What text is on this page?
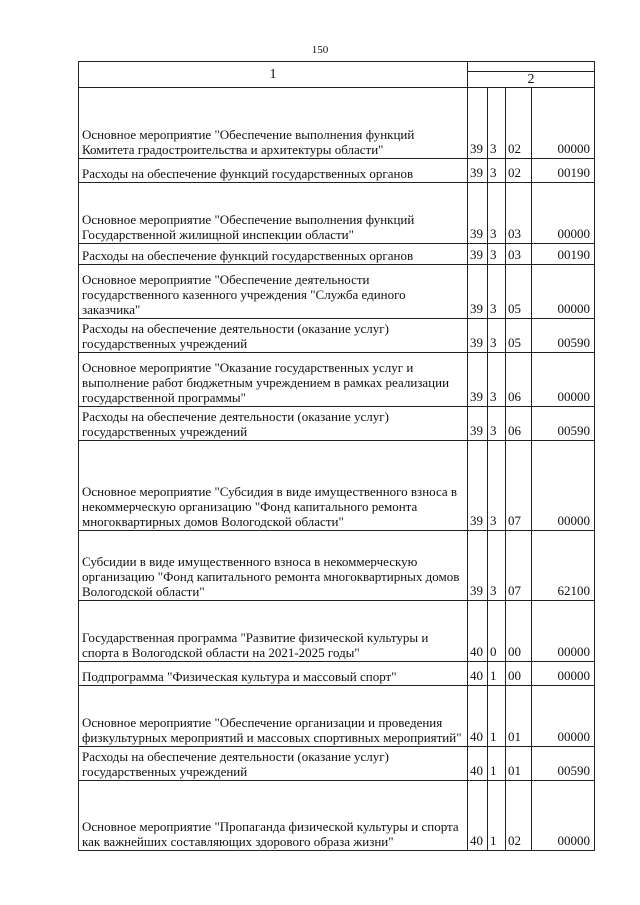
150
1				
	2			
Основное мероприятие "Обеспечение выполнения функций Комитета градостроительства и архитектуры области"	39	3	02	00000
Расходы на обеспечение функций государственных органов	39	3	02	00190
Основное мероприятие "Обеспечение выполнения функций Государственной жилищной инспекции области"	39	3	03	00000
Расходы на обеспечение функций государственных органов	39	3	03	00190
Основное мероприятие "Обеспечение деятельности государственного казенного учреждения "Служба единого заказчика"	39	3	05	00000
Расходы на обеспечение деятельности (оказание услуг) государственных учреждений	39	3	05	00590
Основное мероприятие "Оказание государственных услуг и выполнение работ бюджетным учреждением в рамках реализации государственной программы"	39	3	06	00000
Расходы на обеспечение деятельности (оказание услуг) государственных учреждений	39	3	06	00590
Основное мероприятие "Субсидия в виде имущественного взноса в некоммерческую организацию "Фонд капитального ремонта многоквартирных домов Вологодской области"	39	3	07	00000
Субсидии в виде имущественного взноса в некоммерческую организацию "Фонд капитального ремонта многоквартирных домов Вологодской области"	39	3	07	62100
Государственная программа "Развитие физической культуры и спорта в Вологодской области на 2021-2025 годы"	40	0	00	00000
Подпрограмма "Физическая культура и массовый спорт"	40	1	00	00000
Основное мероприятие "Обеспечение организации и проведения физкультурных мероприятий и массовых спортивных мероприятий"	40	1	01	00000
Расходы на обеспечение деятельности (оказание услуг) государственных учреждений	40	1	01	00590
Основное мероприятие "Пропаганда физической культуры и спорта как важнейших составляющих здорового образа жизни"	40	1	02	00000
